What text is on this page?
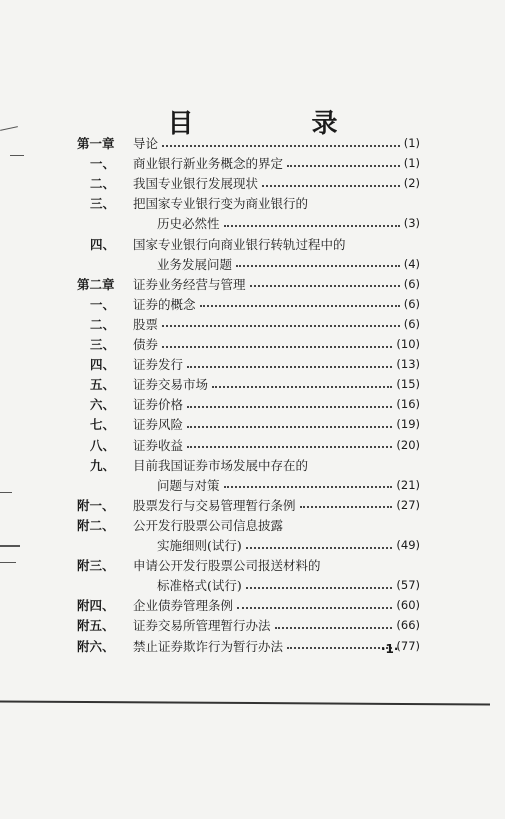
目　录
第一章	导论	(1)
一、	商业银行新业务概念的界定	(1)
二、	我国专业银行发展现状	(2)
三、	把国家专业银行变为商业银行的
历史必然性	(3)
四、	国家专业银行向商业银行转轨过程中的
业务发展问题	(4)
第二章	证券业务经营与管理	(6)
一、	证券的概念	(6)
二、	股票	(6)
三、	债券	(10)
四、	证券发行	(13)
五、	证券交易市场	(15)
六、	证券价格	(16)
七、	证券风险	(19)
八、	证券收益	(20)
九、	目前我国证券市场发展中存在的
问题与对策	(21)
附一、	股票发行与交易管理暂行条例	(27)
附二、	公开发行股票公司信息披露
实施细则(试行)	(49)
附三、	申请公开发行股票公司报送材料的
标准格式(试行)	(57)
附四、	企业债券管理条例	(60)
附五、	证券交易所管理暂行办法	(66)
附六、	禁止证券欺诈行为暂行办法	(77)
·1·
